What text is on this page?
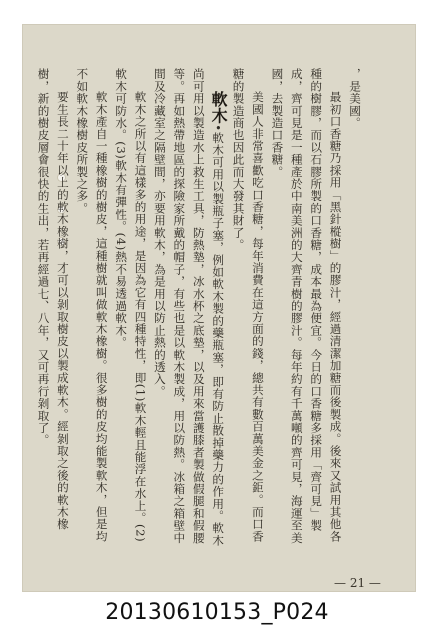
，是美國。

最初口香糖乃採用「黑針樅樹」的膠汁，經過清潔加糖而後製成。後來又試用其他各種的樹膠，而以石膠所製的口香糖，成本最為便宜。今日的口香糖多採用「齊可見」製成，齊可見是一種產於中南美洲的大齊青樹的膠汁。每年約有千萬噸的齊可見，海運至美國，去製造口香糖。

美國人非常喜歡吃口香糖，每年消費在這方面的錢，總共有數百萬美金之鉅。而口香糖的製造商也因此而大發其財了。

軟木•軟木可用以製瓶子塞，例如軟木製的藥瓶塞，即有防止散掉藥力的作用。軟木尚可用以製造水上救生工具，防熱墊，冰水杯之底墊，以及用來當護膝者製做假腿和假腰等。再如熱帶地區的探險家所戴的帽子，有些也是以軟木製成，用以防熱。冰箱之箱壁中間及冷藏室之隔壁間，亦要用軟木，為是用以防止熱的透入。

軟木之所以有這樣多的用途，是因為它有四種特性，即(1)軟木輕且能浮在水上。(2)軟木可防水。(3)軟木有彈性。(4)熱不易透過軟木。

軟木產自一種橡樹的樹皮，這種樹就叫做軟木橡樹。很多樹的皮均能製軟木，但是均不如軟木橡樹皮所製之多。

要生長二十年以上的軟木橡樹，才可以剝取樹皮以製成軟木。經剝取之後的軟木橡樹，新的樹皮層會很快的生出，若再經過七、八年，又可再行剝取了。

— 21 —
20130610153_P024
